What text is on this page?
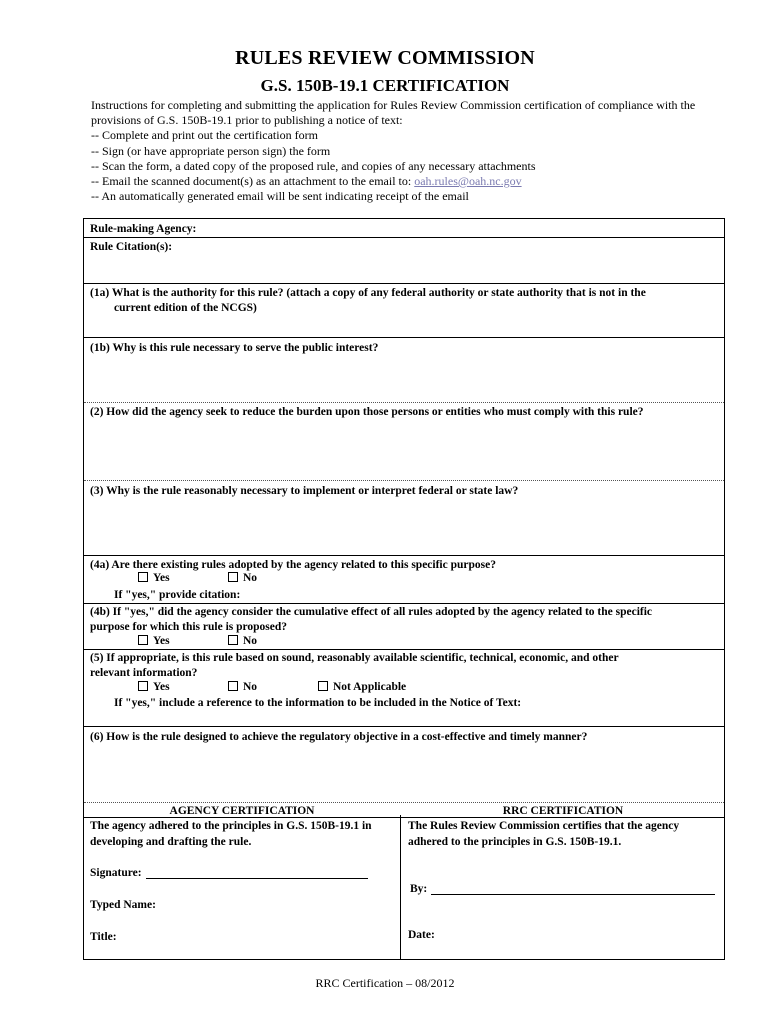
RULES REVIEW COMMISSION
G.S. 150B-19.1 CERTIFICATION
Instructions for completing and submitting the application for Rules Review Commission certification of compliance with the provisions of G.S. 150B-19.1 prior to publishing a notice of text:
-- Complete and print out the certification form
-- Sign (or have appropriate person sign) the form
-- Scan the form, a dated copy of the proposed rule, and copies of any necessary attachments
-- Email the scanned document(s) as an attachment to the email to: oah.rules@oah.nc.gov
-- An automatically generated email will be sent indicating receipt of the email
Rule-making Agency:
Rule Citation(s):
(1a) What is the authority for this rule? (attach a copy of any federal authority or state authority that is not in the
current edition of the NCGS)
(1b) Why is this rule necessary to serve the public interest?
(2) How did the agency seek to reduce the burden upon those persons or entities who must comply with this rule?
(3) Why is the rule reasonably necessary to implement or interpret federal or state law?
(4a) Are there existing rules adopted by the agency related to this specific purpose?
Yes	No
If "yes," provide citation:
(4b) If "yes," did the agency consider the cumulative effect of all rules adopted by the agency related to the specific
purpose for which this rule is proposed?
Yes	No
(5) If appropriate, is this rule based on sound, reasonably available scientific, technical, economic, and other
relevant information?
Yes	No	Not Applicable
If "yes," include a reference to the information to be included in the Notice of Text:
(6) How is the rule designed to achieve the regulatory objective in a cost-effective and timely manner?
AGENCY CERTIFICATION	RRC CERTIFICATION
The agency adhered to the principles in G.S. 150B-19.1 in developing and drafting the rule.
The Rules Review Commission certifies that the agency adhered to the principles in G.S. 150B-19.1.
Signature:
Typed Name:
Title:
By:
Date:
RRC Certification – 08/2012
